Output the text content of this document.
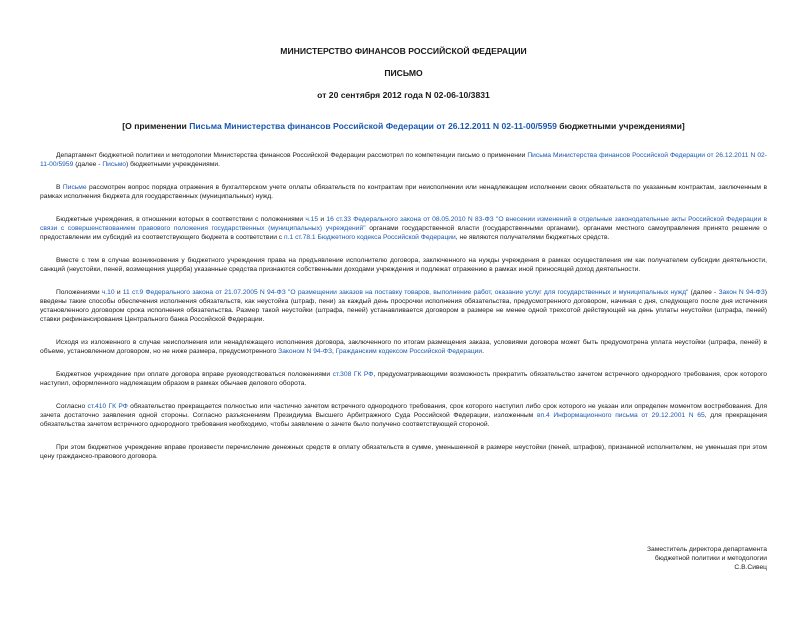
МИНИСТЕРСТВО ФИНАНСОВ РОССИЙСКОЙ ФЕДЕРАЦИИ
ПИСЬМО
от 20 сентября 2012 года N 02-06-10/3831
[О применении Письма Министерства финансов Российской Федерации от 26.12.2011 N 02-11-00/5959 бюджетными учреждениями]

Департамент бюджетной политики и методологии Министерства финансов Российской Федерации рассмотрел по компетенции письмо о применении Письма Министерства финансов Российской Федерации от 26.12.2011 N 02-11-00/5959 (далее - Письмо) бюджетными учреждениями.

В Письме рассмотрен вопрос порядка отражения в бухгалтерском учете оплаты обязательств по контрактам при неисполнении или ненадлежащем исполнении своих обязательств по указанным контрактам, заключенным в рамках исполнения бюджета для государственных (муниципальных) нужд.

Бюджетные учреждения, в отношении которых в соответствии с положениями ч.15 и 16 ст.33 Федерального закона от 08.05.2010 N 83-ФЗ "О внесении изменений в отдельные законодательные акты Российской Федерации в связи с совершенствованием правового положения государственных (муниципальных) учреждений" органами государственной власти (государственными органами), органами местного самоуправления принято решение о предоставлении им субсидий из соответствующего бюджета в соответствии с п.1 ст.78.1 Бюджетного кодекса Российской Федерации, не являются получателями бюджетных средств.

Вместе с тем в случае возникновения у бюджетного учреждения права на предъявление исполнителю договора, заключенного на нужды учреждения в рамках осуществления им как получателем субсидии деятельности, санкций (неустойки, пеней, возмещения ущерба) указанные средства признаются собственными доходами учреждения и подлежат отражению в рамках иной приносящей доход деятельности.

Положениями ч.10 и 11 ст.9 Федерального закона от 21.07.2005 N 94-ФЗ "О размещении заказов на поставку товаров, выполнение работ, оказание услуг для государственных и муниципальных нужд" (далее - Закон N 94-ФЗ) введены такие способы обеспечения исполнения обязательств, как неустойка (штраф, пени) за каждый день просрочки исполнения обязательства, предусмотренного договором, начиная с дня, следующего после дня истечения установленного договором срока исполнения обязательства. Размер такой неустойки (штрафа, пеней) устанавливается договором в размере не менее одной трехсотой действующей на день уплаты неустойки (штрафа, пеней) ставки рефинансирования Центрального банка Российской Федерации.

Исходя из изложенного в случае неисполнения или ненадлежащего исполнения договора, заключенного по итогам размещения заказа, условиями договора может быть предусмотрена уплата неустойки (штрафа, пеней) в объеме, установленном договором, но не ниже размера, предусмотренного Законом N 94-ФЗ, Гражданским кодексом Российской Федерации.

Бюджетное учреждение при оплате договора вправе руководствоваться положениями ст.308 ГК РФ, предусматривающими возможность прекратить обязательство зачетом встречного однородного требования, срок которого наступил, оформленного надлежащим образом в рамках обычаев делового оборота.

Согласно ст.410 ГК РФ обязательство прекращается полностью или частично зачетом встречного однородного требования, срок которого наступил либо срок которого не указан или определен моментом востребования. Для зачета достаточно заявления одной стороны. Согласно разъяснениям Президиума Высшего Арбитражного Суда Российской Федерации, изложенным вп.4 Информационного письма от 29.12.2001 N 65, для прекращения обязательства зачетом встречного однородного требования необходимо, чтобы заявление о зачете было получено соответствующей стороной.

При этом бюджетное учреждение вправе произвести перечисление денежных средств в оплату обязательств в сумме, уменьшенной в размере неустойки (пеней, штрафов), признанной исполнителем, не уменьшая при этом цену гражданско-правового договора.

Заместитель директора департамента
бюджетной политики и методологии
С.В.Сивец
